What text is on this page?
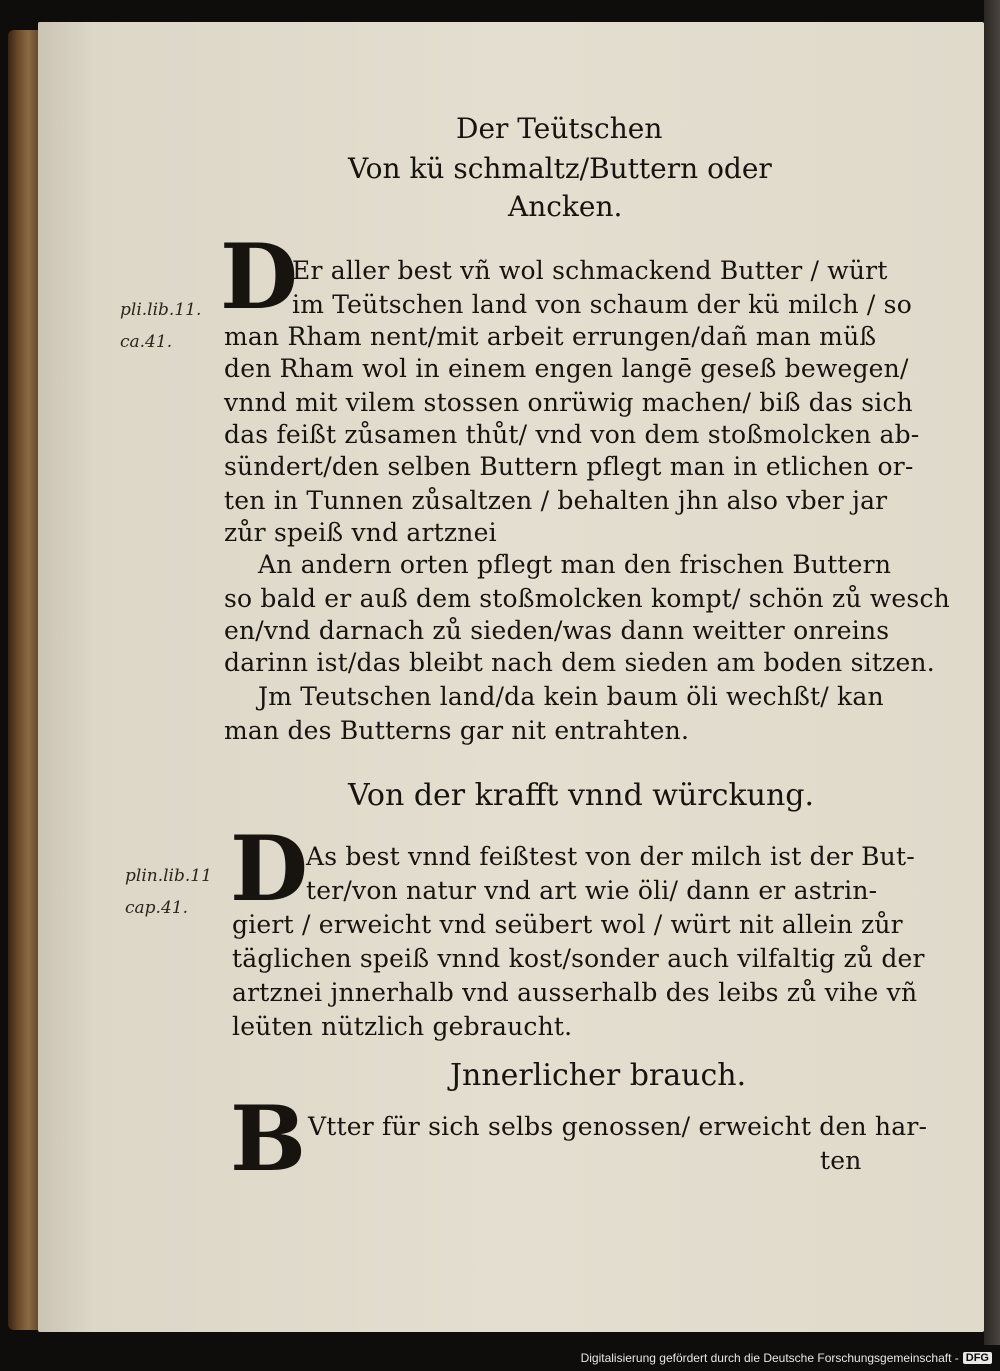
Der Teütschen
Von kü schmaltz/Buttern oder
Ancken.
D
pli.lib.11.
ca.41.
Er aller best vñ wol schmackend Butter / würt
im Teütschen land von schaum der kü milch / so
man Rham nent/mit arbeit errungen/dañ man müß
den Rham wol in einem engen langē geseß bewegen/
vnnd mit vilem stossen onrüwig machen/ biß das sich
das feißt zůsamen thůt/ vnd von dem stoßmolcken ab-
sündert/den selben Buttern pflegt man in etlichen or-
ten in Tunnen zůsaltzen / behalten jhn also vber jar
zůr speiß vnd artznei
An andern orten pflegt man den frischen Buttern
so bald er auß dem stoßmolcken kompt/ schön zů wesch
en/vnd darnach zů sieden/was dann weitter onreins
darinn ist/das bleibt nach dem sieden am boden sitzen.
Jm Teutschen land/da kein baum öli wechßt/ kan
man des Butterns gar nit entrahten.
Von der krafft vnnd würckung.
D
plin.lib.11
cap.41.
As best vnnd feißtest von der milch ist der But-
ter/von natur vnd art wie öli/ dann er astrin-
giert / erweicht vnd seübert wol / würt nit allein zůr
täglichen speiß vnnd kost/sonder auch vilfaltig zů der
artznei jnnerhalb vnd ausserhalb des leibs zů vihe vñ
leüten nützlich gebraucht.
Jnnerlicher brauch.
B Vtter für sich selbs genossen/ erweicht den har-
ten
Digitalisierung gefördert durch die Deutsche Forschungsgemeinschaft - DFG
